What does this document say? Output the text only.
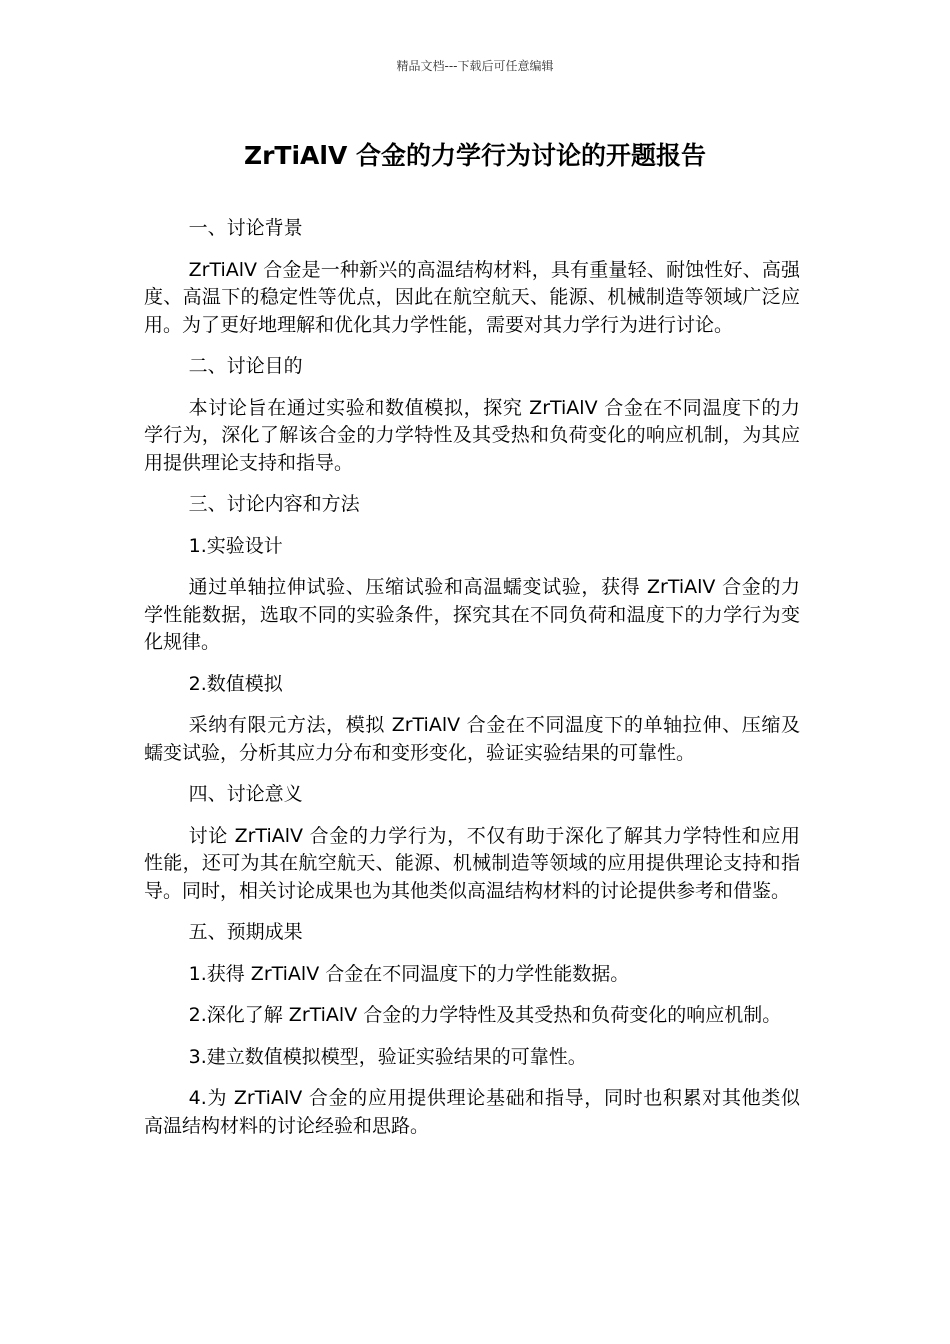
精品文档---下载后可任意编辑
ZrTiAlV 合金的力学行为讨论的开题报告

一、讨论背景

ZrTiAlV 合金是一种新兴的高温结构材料，具有重量轻、耐蚀性好、高强度、高温下的稳定性等优点，因此在航空航天、能源、机械制造等领域广泛应用。为了更好地理解和优化其力学性能，需要对其力学行为进行讨论。

二、讨论目的

本讨论旨在通过实验和数值模拟，探究 ZrTiAlV 合金在不同温度下的力学行为，深化了解该合金的力学特性及其受热和负荷变化的响应机制，为其应用提供理论支持和指导。

三、讨论内容和方法

1.实验设计

通过单轴拉伸试验、压缩试验和高温蠕变试验，获得 ZrTiAlV 合金的力学性能数据，选取不同的实验条件，探究其在不同负荷和温度下的力学行为变化规律。

2.数值模拟

采纳有限元方法，模拟 ZrTiAlV 合金在不同温度下的单轴拉伸、压缩及蠕变试验，分析其应力分布和变形变化，验证实验结果的可靠性。

四、讨论意义

讨论 ZrTiAlV 合金的力学行为，不仅有助于深化了解其力学特性和应用性能，还可为其在航空航天、能源、机械制造等领域的应用提供理论支持和指导。同时，相关讨论成果也为其他类似高温结构材料的讨论提供参考和借鉴。

五、预期成果

1.获得 ZrTiAlV 合金在不同温度下的力学性能数据。

2.深化了解 ZrTiAlV 合金的力学特性及其受热和负荷变化的响应机制。

3.建立数值模拟模型，验证实验结果的可靠性。

4.为 ZrTiAlV 合金的应用提供理论基础和指导，同时也积累对其他类似高温结构材料的讨论经验和思路。
